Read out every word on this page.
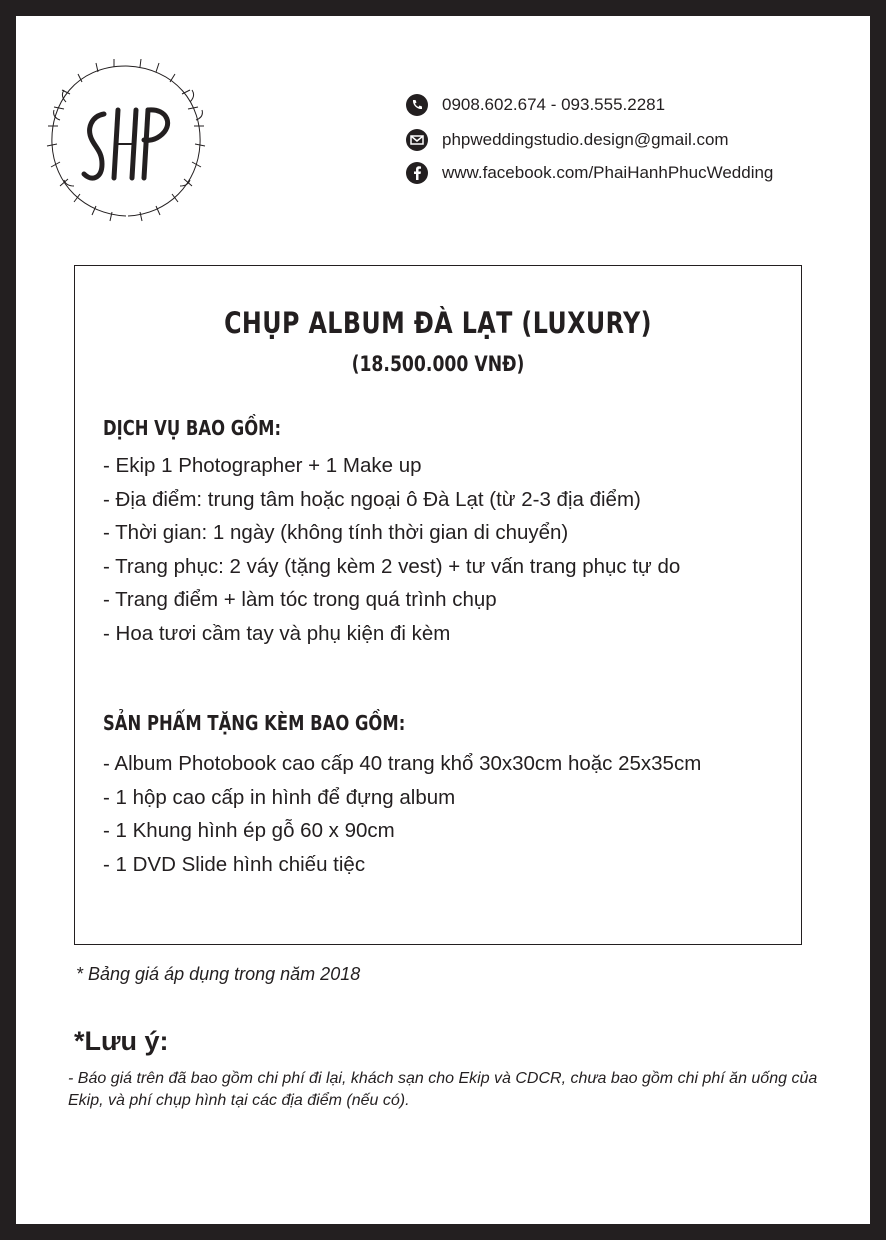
0908.602.674 - 093.555.2281
phpweddingstudio.design@gmail.com
www.facebook.com/PhaiHanhPhucWedding
CHỤP ALBUM ĐÀ LẠT (LUXURY)
(18.500.000 VNĐ)
DỊCH VỤ BAO GỒM:
- Ekip 1 Photographer + 1 Make up
- Địa điểm: trung tâm hoặc ngoại ô Đà Lạt (từ 2-3 địa điểm)
- Thời gian: 1 ngày (không tính thời gian di chuyển)
- Trang phục: 2 váy (tặng kèm 2 vest) + tư vấn trang phục tự do
- Trang điểm + làm tóc trong quá trình chụp
- Hoa tươi cầm tay và phụ kiện đi kèm
SẢN PHẨM TẶNG KÈM BAO GỒM:
- Album Photobook cao cấp 40 trang khổ 30x30cm hoặc 25x35cm
- 1 hộp cao cấp in hình để đựng album
- 1 Khung hình ép gỗ 60 x 90cm
- 1 DVD Slide hình chiếu tiệc
* Bảng giá áp dụng trong năm 2018
*Lưu ý:
- Báo giá trên đã bao gồm chi phí đi lại, khách sạn cho Ekip và CDCR, chưa bao gồm chi phí ăn uống của Ekip, và phí chụp hình tại các địa điểm (nếu có).
